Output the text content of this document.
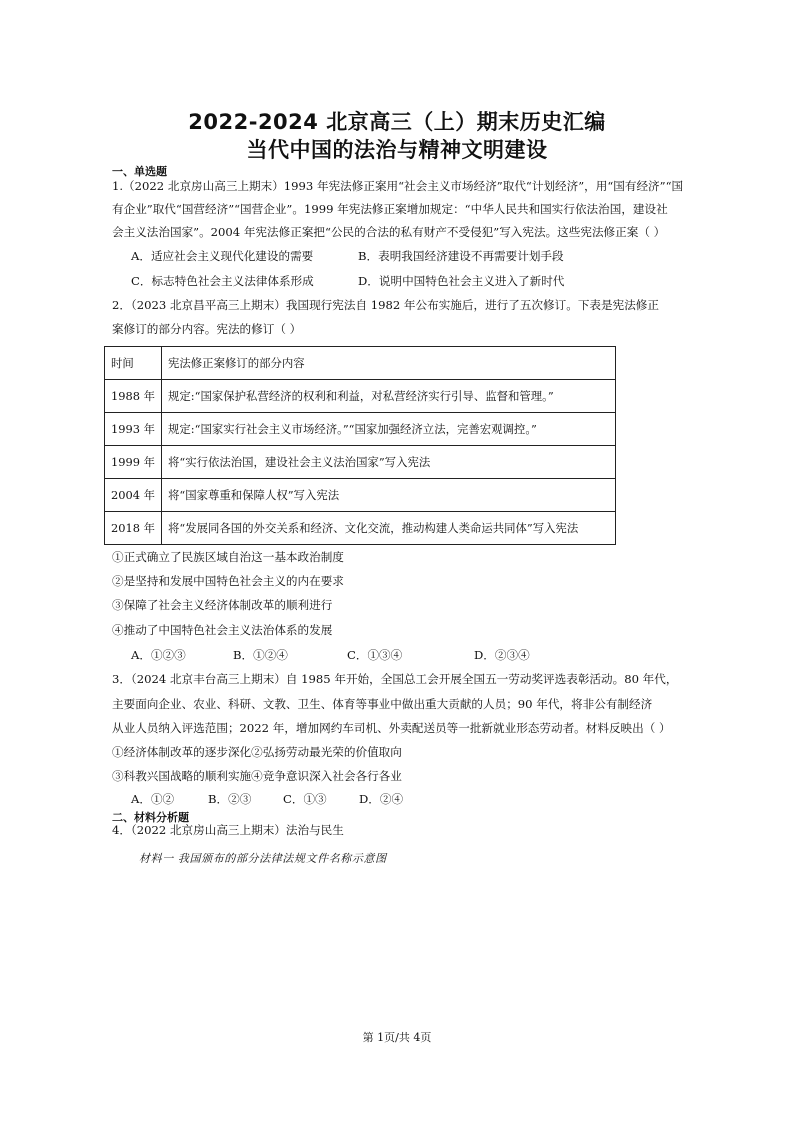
2022-2024 北京高三（上）期末历史汇编
当代中国的法治与精神文明建设
一、单选题
1.（2022 北京房山高三上期末）1993 年宪法修正案用“社会主义市场经济”取代“计划经济”，用“国有经济”“国
有企业”取代“国营经济”“国营企业”。1999 年宪法修正案增加规定：“中华人民共和国实行依法治国，建设社
会主义法治国家”。2004 年宪法修正案把“公民的合法的私有财产不受侵犯”写入宪法。这些宪法修正案（ ）
A．适应社会主义现代化建设的需要	B．表明我国经济建设不再需要计划手段
C．标志特色社会主义法律体系形成	D．说明中国特色社会主义进入了新时代
2．（2023 北京昌平高三上期末）我国现行宪法自 1982 年公布实施后，进行了五次修订。下表是宪法修正
案修订的部分内容。宪法的修订（ ）
时间	宪法修正案修订的部分内容
1988 年	规定:“国家保护私营经济的权利和利益，对私营经济实行引导、监督和管理。”
1993 年	规定:“国家实行社会主义市场经济。”“国家加强经济立法，完善宏观调控。”
1999 年	将“实行依法治国，建设社会主义法治国家”写入宪法
2004 年	将“国家尊重和保障人权”写入宪法
2018 年	将“发展同各国的外交关系和经济、文化交流，推动构建人类命运共同体”写入宪法
①正式确立了民族区域自治这一基本政治制度
②是坚持和发展中国特色社会主义的内在要求
③保障了社会主义经济体制改革的顺利进行
④推动了中国特色社会主义法治体系的发展
A．①②③	B．①②④	C．①③④	D．②③④
3．（2024 北京丰台高三上期末）自 1985 年开始，全国总工会开展全国五一劳动奖评选表彰活动。80 年代，
主要面向企业、农业、科研、文教、卫生、体育等事业中做出重大贡献的人员；90 年代，将非公有制经济
从业人员纳入评选范围；2022 年，增加网约车司机、外卖配送员等一批新就业形态劳动者。材料反映出（ ）
①经济体制改革的逐步深化②弘扬劳动最光荣的价值取向
③科教兴国战略的顺利实施④竞争意识深入社会各行各业
A．①②	B．②③	C．①③	D．②④
二、材料分析题
4．（2022 北京房山高三上期末）法治与民生
材料一 我国颁布的部分法律法规文件名称示意图
第 1页/共 4页
